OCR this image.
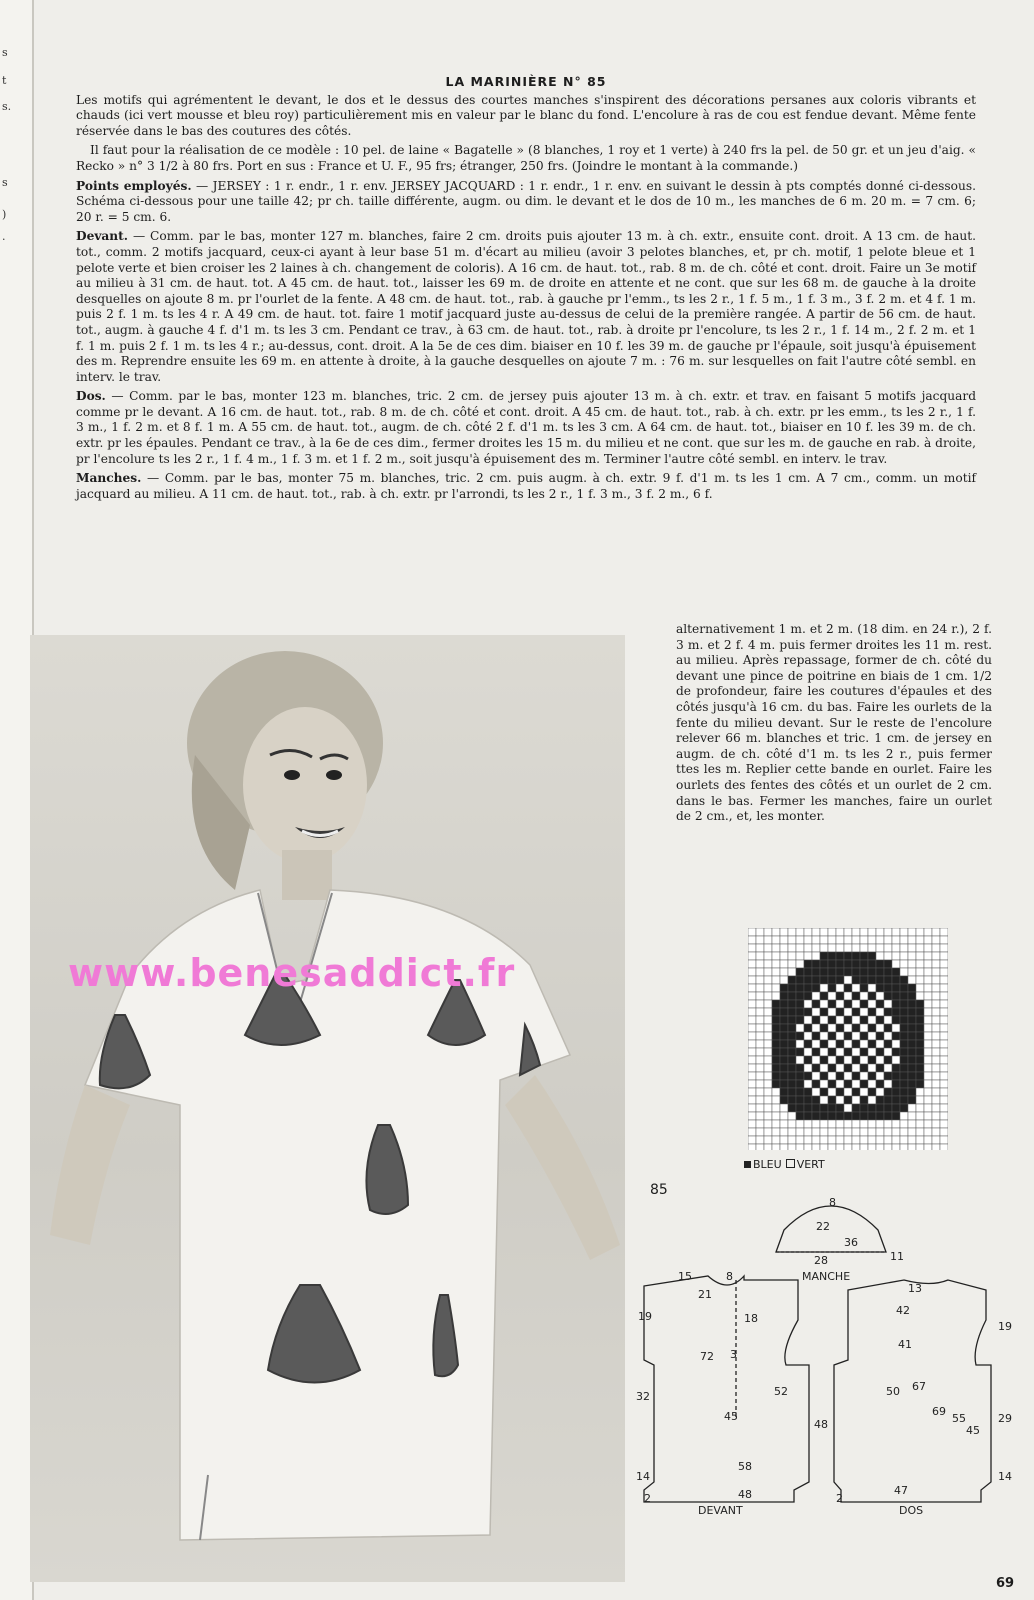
s
t
s.
s
)
.
LA MARINIÈRE N° 85

Les motifs qui agrémentent le devant, le dos et le dessus des courtes manches s'inspirent des décorations persanes aux coloris vibrants et chauds (ici vert mousse et bleu roy) particulièrement mis en valeur par le blanc du fond. L'encolure à ras de cou est fendue devant. Même fente réservée dans le bas des coutures des côtés.

Il faut pour la réalisation de ce modèle : 10 pel. de laine « Bagatelle » (8 blanches, 1 roy et 1 verte) à 240 frs la pel. de 50 gr. et un jeu d'aig. « Recko » n° 3 1/2 à 80 frs. Port en sus : France et U. F., 95 frs; étranger, 250 frs. (Joindre le montant à la commande.)

Points employés. — JERSEY : 1 r. endr., 1 r. env. JERSEY JACQUARD : 1 r. endr., 1 r. env. en suivant le dessin à pts comptés donné ci-dessous. Schéma ci-dessous pour une taille 42; pr ch. taille différente, augm. ou dim. le devant et le dos de 10 m., les manches de 6 m. 20 m. = 7 cm. 6; 20 r. = 5 cm. 6.

Devant. — Comm. par le bas, monter 127 m. blanches, faire 2 cm. droits puis ajouter 13 m. à ch. extr., ensuite cont. droit. A 13 cm. de haut. tot., comm. 2 motifs jacquard, ceux-ci ayant à leur base 51 m. d'écart au milieu (avoir 3 pelotes blanches, et, pr ch. motif, 1 pelote bleue et 1 pelote verte et bien croiser les 2 laines à ch. changement de coloris). A 16 cm. de haut. tot., rab. 8 m. de ch. côté et cont. droit. Faire un 3e motif au milieu à 31 cm. de haut. tot. A 45 cm. de haut. tot., laisser les 69 m. de droite en attente et ne cont. que sur les 68 m. de gauche à la droite desquelles on ajoute 8 m. pr l'ourlet de la fente. A 48 cm. de haut. tot., rab. à gauche pr l'emm., ts les 2 r., 1 f. 5 m., 1 f. 3 m., 3 f. 2 m. et 4 f. 1 m. puis 2 f. 1 m. ts les 4 r. A 49 cm. de haut. tot. faire 1 motif jacquard juste au-dessus de celui de la première rangée. A partir de 56 cm. de haut. tot., augm. à gauche 4 f. d'1 m. ts les 3 cm. Pendant ce trav., à 63 cm. de haut. tot., rab. à droite pr l'encolure, ts les 2 r., 1 f. 14 m., 2 f. 2 m. et 1 f. 1 m. puis 2 f. 1 m. ts les 4 r.; au-dessus, cont. droit. A la 5e de ces dim. biaiser en 10 f. les 39 m. de gauche pr l'épaule, soit jusqu'à épuisement des m. Reprendre ensuite les 69 m. en attente à droite, à la gauche desquelles on ajoute 7 m. : 76 m. sur lesquelles on fait l'autre côté sembl. en interv. le trav.

Dos. — Comm. par le bas, monter 123 m. blanches, tric. 2 cm. de jersey puis ajouter 13 m. à ch. extr. et trav. en faisant 5 motifs jacquard comme pr le devant. A 16 cm. de haut. tot., rab. 8 m. de ch. côté et cont. droit. A 45 cm. de haut. tot., rab. à ch. extr. pr les emm., ts les 2 r., 1 f. 3 m., 1 f. 2 m. et 8 f. 1 m. A 55 cm. de haut. tot., augm. de ch. côté 2 f. d'1 m. ts les 3 cm. A 64 cm. de haut. tot., biaiser en 10 f. les 39 m. de ch. extr. pr les épaules. Pendant ce trav., à la 6e de ces dim., fermer droites les 15 m. du milieu et ne cont. que sur les m. de gauche en rab. à droite, pr l'encolure ts les 2 r., 1 f. 4 m., 1 f. 3 m. et 1 f. 2 m., soit jusqu'à épuisement des m. Terminer l'autre côté sembl. en interv. le trav.

Manches. — Comm. par le bas, monter 75 m. blanches, tric. 2 cm. puis augm. à ch. extr. 9 f. d'1 m. ts les 1 cm. A 7 cm., comm. un motif jacquard au milieu. A 11 cm. de haut. tot., rab. à ch. extr. pr l'arrondi, ts les 2 r., 1 f. 3 m., 3 f. 2 m., 6 f.

alternativement 1 m. et 2 m. (18 dim. en 24 r.), 2 f. 3 m. et 2 f. 4 m. puis fermer droites les 11 m. rest. au milieu. Après repassage, former de ch. côté du devant une pince de poitrine en biais de 1 cm. 1/2 de profondeur, faire les coutures d'épaules et des côtés jusqu'à 16 cm. du bas. Faire les ourlets de la fente du milieu devant. Sur le reste de l'encolure relever 66 m. blanches et tric. 1 cm. de jersey en augm. de ch. côté d'1 m. ts les 2 r., puis fermer ttes les m. Replier cette bande en ourlet. Faire les ourlets des fentes des côtés et un ourlet de 2 cm. dans le bas. Fermer les manches, faire un ourlet de 2 cm., et, les monter.
www.benesaddict.fr
BLEU VERT
85
MANCHE
DEVANT	DOS
8
22
36
28	11
15	8
21
18
19
3
72
32	52
45
48
14
58
48
2
13
42
41
19
50 67
69
55
45
29
14
47
2
69
